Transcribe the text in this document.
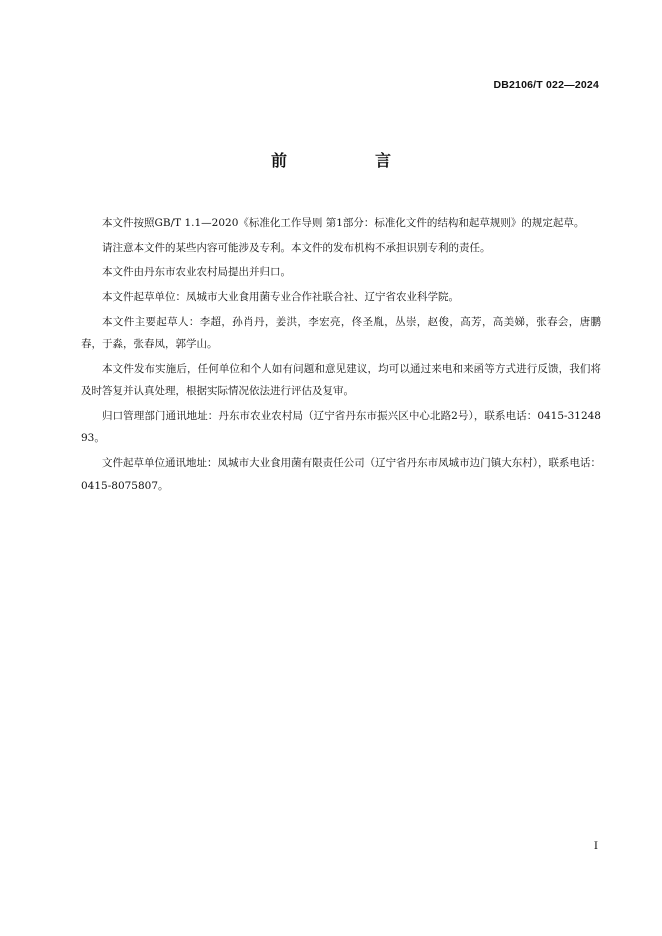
DB2106/T 022—2024
前　言

本文件按照GB/T 1.1—2020《标准化工作导则 第1部分：标准化文件的结构和起草规则》的规定起草。

请注意本文件的某些内容可能涉及专利。本文件的发布机构不承担识别专利的责任。

本文件由丹东市农业农村局提出并归口。

本文件起草单位：凤城市大业食用菌专业合作社联合社、辽宁省农业科学院。

本文件主要起草人：李超，孙肖丹，姜洪，李宏亮，佟圣胤，丛崇，赵俊，高芳，高美娣，张春会，唐鹏春，于淼，张春凤，郭学山。

本文件发布实施后，任何单位和个人如有问题和意见建议，均可以通过来电和来函等方式进行反馈，我们将及时答复并认真处理，根据实际情况依法进行评估及复审。

归口管理部门通讯地址：丹东市农业农村局（辽宁省丹东市振兴区中心北路2号），联系电话：0415-3124893。

文件起草单位通讯地址：凤城市大业食用菌有限责任公司（辽宁省丹东市凤城市边门镇大东村），联系电话：0415-8075807。

I
